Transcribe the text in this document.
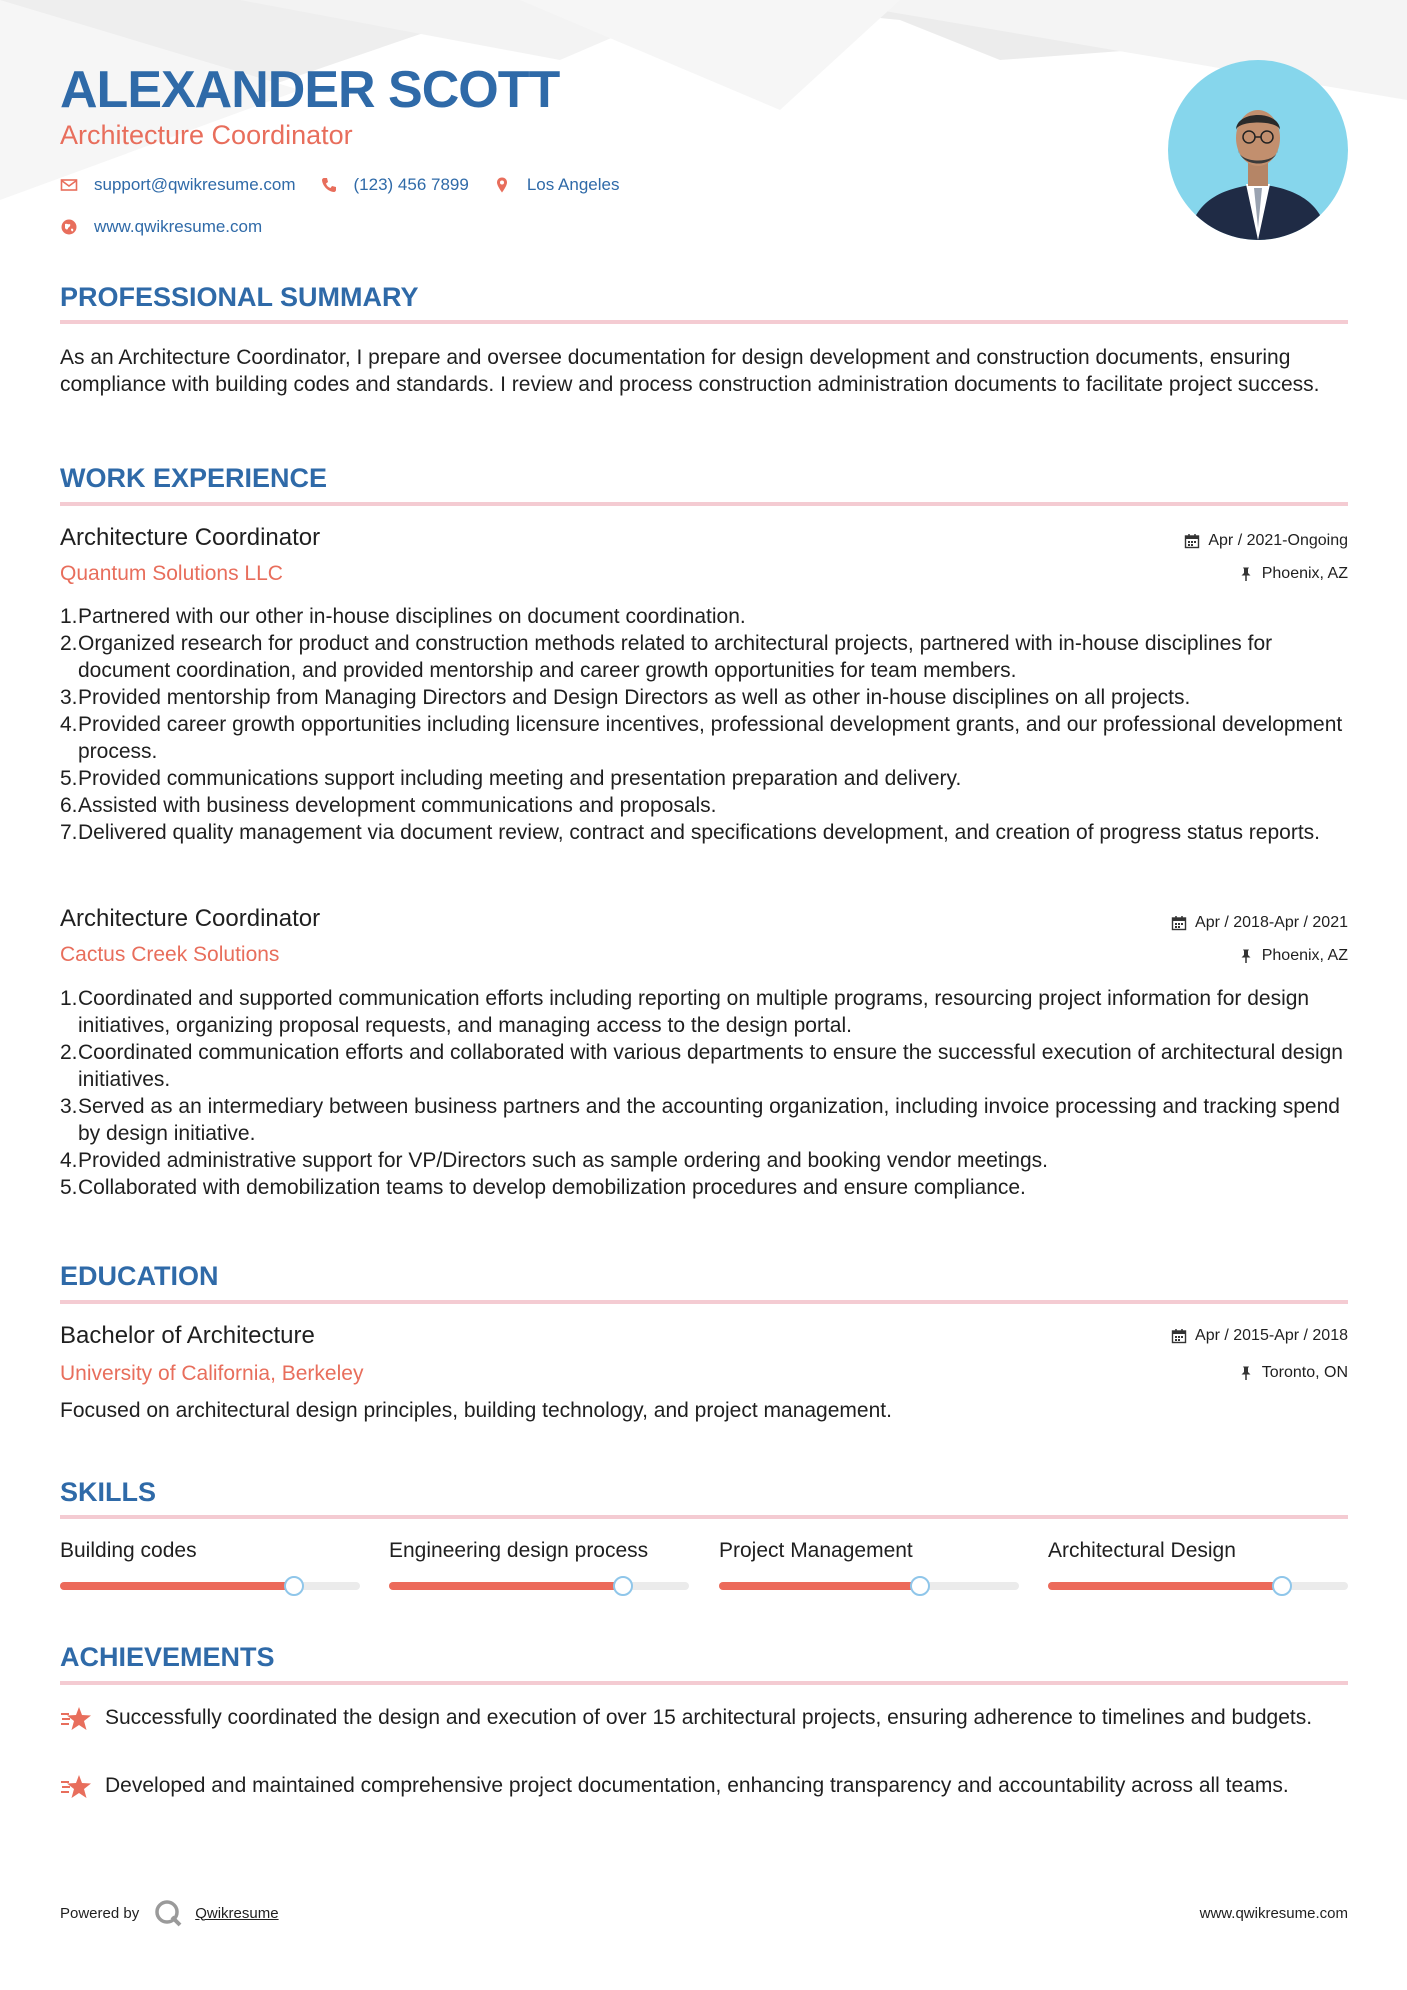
ALEXANDER SCOTT
Architecture Coordinator
support@qwikresume.com	(123) 456 7899	Los Angeles
www.qwikresume.com
PROFESSIONAL SUMMARY

As an Architecture Coordinator, I prepare and oversee documentation for design development and construction documents, ensuring compliance with building codes and standards. I review and process construction administration documents to facilitate project success.

WORK EXPERIENCE
Architecture Coordinator	Apr / 2021-Ongoing
Quantum Solutions LLC	Phoenix, AZ
1. Partnered with our other in-house disciplines on document coordination.
2. Organized research for product and construction methods related to architectural projects, partnered with in-house disciplines for document coordination, and provided mentorship and career growth opportunities for team members.
3. Provided mentorship from Managing Directors and Design Directors as well as other in-house disciplines on all projects.
4. Provided career growth opportunities including licensure incentives, professional development grants, and our professional development process.
5. Provided communications support including meeting and presentation preparation and delivery.
6. Assisted with business development communications and proposals.
7. Delivered quality management via document review, contract and specifications development, and creation of progress status reports.
Architecture Coordinator	Apr / 2018-Apr / 2021
Cactus Creek Solutions	Phoenix, AZ
1. Coordinated and supported communication efforts including reporting on multiple programs, resourcing project information for design initiatives, organizing proposal requests, and managing access to the design portal.
2. Coordinated communication efforts and collaborated with various departments to ensure the successful execution of architectural design initiatives.
3. Served as an intermediary between business partners and the accounting organization, including invoice processing and tracking spend by design initiative.
4. Provided administrative support for VP/Directors such as sample ordering and booking vendor meetings.
5. Collaborated with demobilization teams to develop demobilization procedures and ensure compliance.
EDUCATION
Bachelor of Architecture	Apr / 2015-Apr / 2018
University of California, Berkeley	Toronto, ON

Focused on architectural design principles, building technology, and project management.

SKILLS
Building codes	Engineering design process	Project Management	Architectural Design
ACHIEVEMENTS
Successfully coordinated the design and execution of over 15 architectural projects, ensuring adherence to timelines and budgets.
Developed and maintained comprehensive project documentation, enhancing transparency and accountability across all teams.
Powered by	Qwikresume	www.qwikresume.com
